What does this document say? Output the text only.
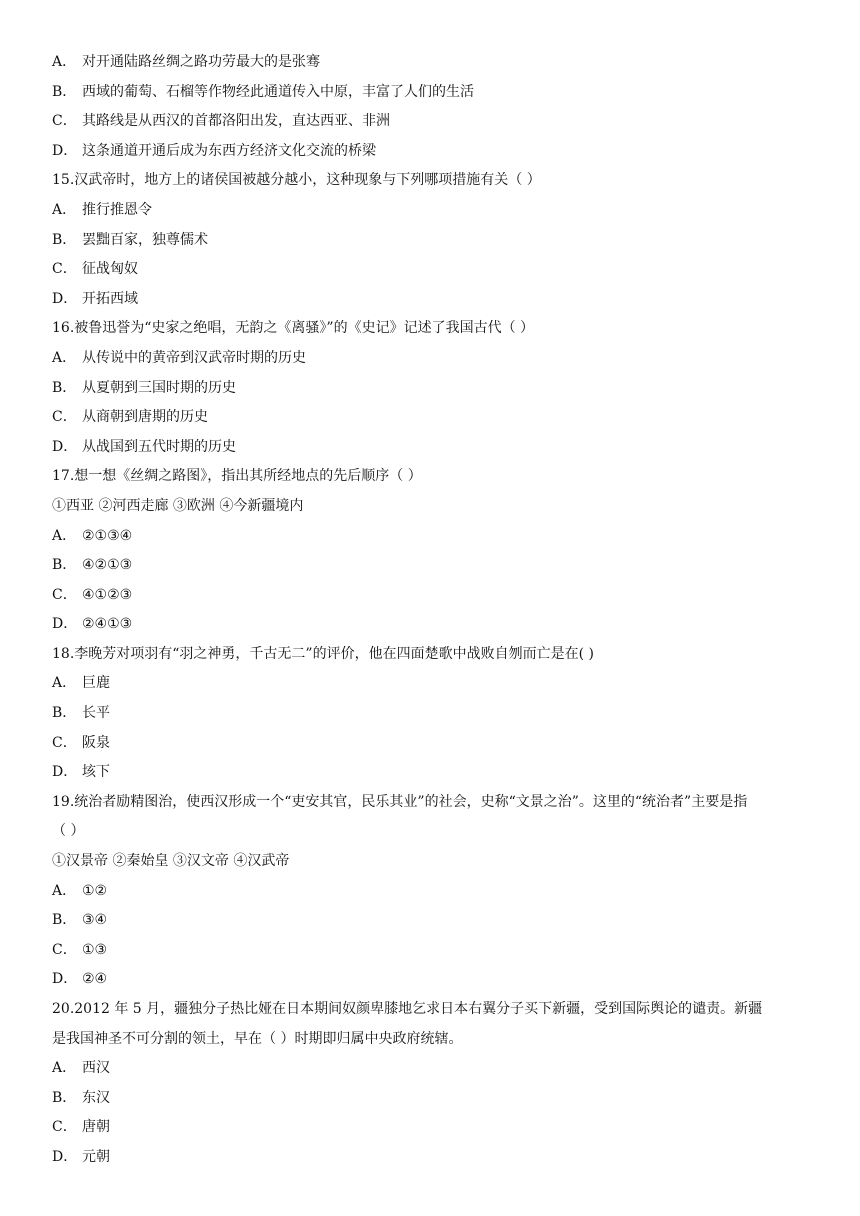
A． 对开通陆路丝绸之路功劳最大的是张骞
B． 西域的葡萄、石榴等作物经此通道传入中原，丰富了人们的生活
C． 其路线是从西汉的首都洛阳出发，直达西亚、非洲
D． 这条通道开通后成为东西方经济文化交流的桥梁
15.汉武帝时，地方上的诸侯国被越分越小，这种现象与下列哪项措施有关（ ）
A． 推行推恩令
B． 罢黜百家，独尊儒术
C． 征战匈奴
D． 开拓西域
16.被鲁迅誉为“史家之绝唱，无韵之《离骚》”的《史记》记述了我国古代（ ）
A． 从传说中的黄帝到汉武帝时期的历史
B． 从夏朝到三国时期的历史
C． 从商朝到唐期的历史
D． 从战国到五代时期的历史
17.想一想《丝绸之路图》，指出其所经地点的先后顺序（ ）
①西亚 ②河西走廊 ③欧洲 ④今新疆境内
A． ②①③④
B． ④②①③
C． ④①②③
D． ②④①③
18.李晚芳对项羽有“羽之神勇，千古无二”的评价，他在四面楚歌中战败自刎而亡是在( )
A． 巨鹿
B． 长平
C． 阪泉
D． 垓下
19.统治者励精图治，使西汉形成一个“吏安其官，民乐其业”的社会，史称“文景之治”。这里的“统治者”主要是指
（ ）
①汉景帝 ②秦始皇 ③汉文帝 ④汉武帝
A． ①②
B． ③④
C． ①③
D． ②④
20.2012 年 5 月，疆独分子热比娅在日本期间奴颜卑膝地乞求日本右翼分子买下新疆，受到国际舆论的谴责。新疆
是我国神圣不可分割的领土，早在（ ）时期即归属中央政府统辖。
A． 西汉
B． 东汉
C． 唐朝
D． 元朝
